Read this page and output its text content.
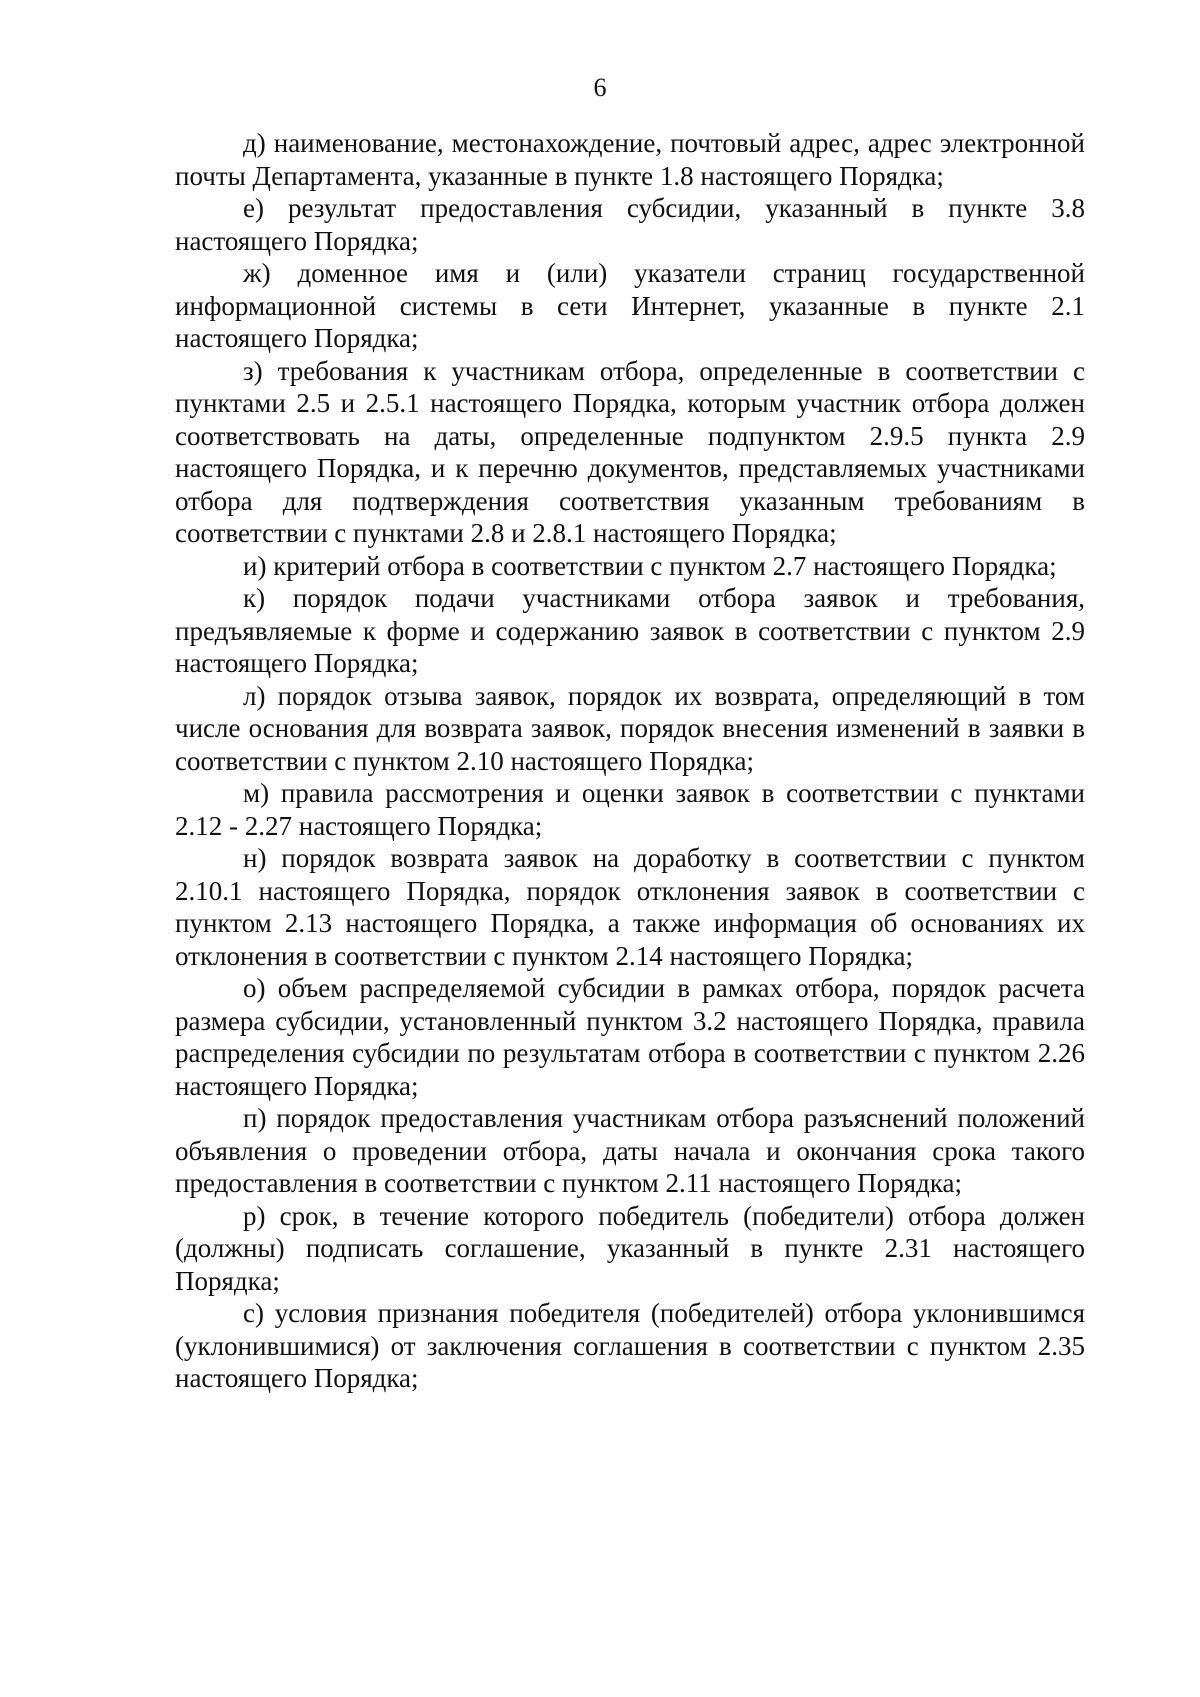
6

д) наименование, местонахождение, почтовый адрес, адрес электронной почты Департамента, указанные в пункте 1.8 настоящего Порядка;

е) результат предоставления субсидии, указанный в пункте 3.8 настоящего Порядка;

ж) доменное имя и (или) указатели страниц государственной информационной системы в сети Интернет, указанные в пункте 2.1 настоящего Порядка;

з) требования к участникам отбора, определенные в соответствии с пунктами 2.5 и 2.5.1 настоящего Порядка, которым участник отбора должен соответствовать на даты, определенные подпунктом 2.9.5 пункта 2.9 настоящего Порядка, и к перечню документов, представляемых участниками отбора для подтверждения соответствия указанным требованиям в соответствии с пунктами 2.8 и 2.8.1 настоящего Порядка;

и) критерий отбора в соответствии с пунктом 2.7 настоящего Порядка;

к) порядок подачи участниками отбора заявок и требования, предъявляемые к форме и содержанию заявок в соответствии с пунктом 2.9 настоящего Порядка;

л) порядок отзыва заявок, порядок их возврата, определяющий в том числе основания для возврата заявок, порядок внесения изменений в заявки в соответствии с пунктом 2.10 настоящего Порядка;

м) правила рассмотрения и оценки заявок в соответствии с пунктами 2.12 - 2.27 настоящего Порядка;

н) порядок возврата заявок на доработку в соответствии с пунктом 2.10.1 настоящего Порядка, порядок отклонения заявок в соответствии с пунктом 2.13 настоящего Порядка, а также информация об основаниях их отклонения в соответствии с пунктом 2.14 настоящего Порядка;

о) объем распределяемой субсидии в рамках отбора, порядок расчета размера субсидии, установленный пунктом 3.2 настоящего Порядка, правила распределения субсидии по результатам отбора в соответствии с пунктом 2.26 настоящего Порядка;

п) порядок предоставления участникам отбора разъяснений положений объявления о проведении отбора, даты начала и окончания срока такого предоставления в соответствии с пунктом 2.11 настоящего Порядка;

р) срок, в течение которого победитель (победители) отбора должен (должны) подписать соглашение, указанный в пункте 2.31 настоящего Порядка;

с) условия признания победителя (победителей) отбора уклонившимся (уклонившимися) от заключения соглашения в соответствии с пунктом 2.35 настоящего Порядка;
